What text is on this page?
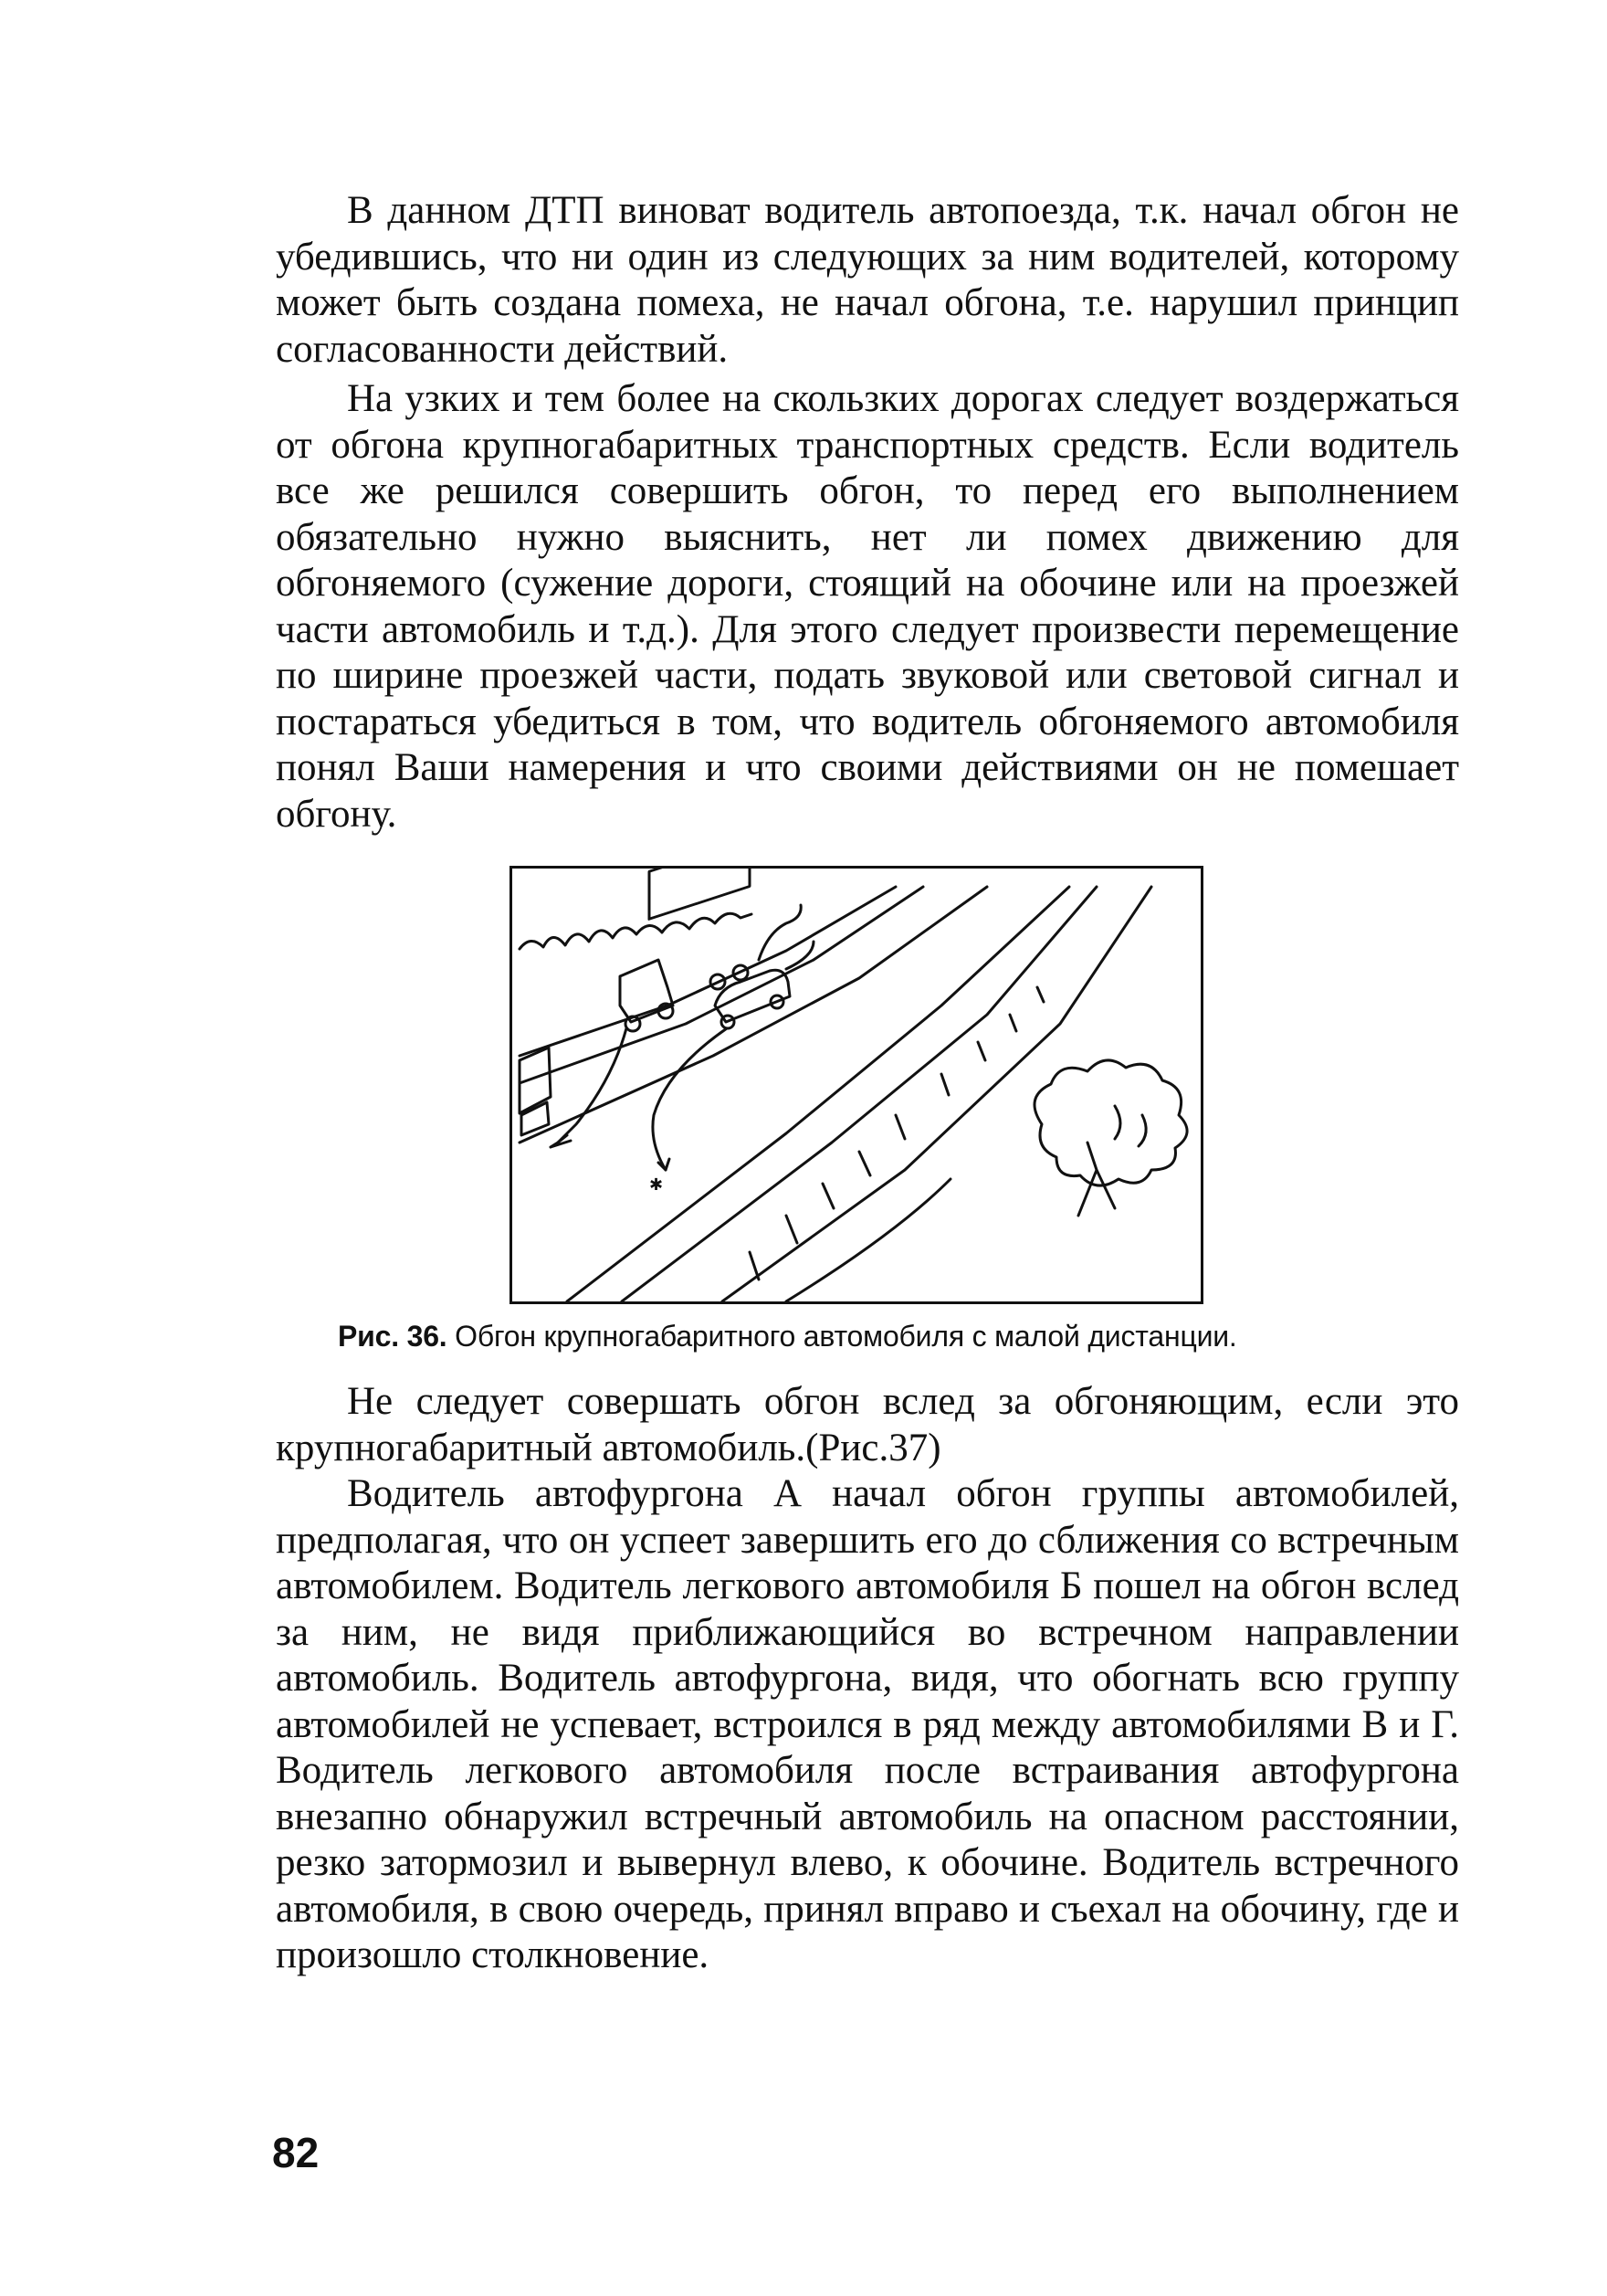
В данном ДТП виноват водитель автопоезда, т.к. начал обгон не убедившись, что ни один из следующих за ним водителей, которому может быть создана помеха, не начал обгона, т.е. нарушил принцип согласованности действий.

На узких и тем более на скользких дорогах следует воздержаться от обгона крупногабаритных транспортных средств. Если водитель все же решился совершить обгон, то перед его выполнением обязательно нужно выяснить, нет ли помех движению для обгоняемого (сужение дороги, стоящий на обочине или на проезжей части автомобиль и т.д.). Для этого следует произвести перемещение по ширине проезжей части, подать звуковой или световой сигнал и постараться убедиться в том, что водитель обгоняемого автомобиля понял Ваши намерения и что своими действиями он не помешает обгону.

✱

Рис. 36. Обгон крупногабаритного автомобиля с малой дистанции.

Не следует совершать обгон вслед за обгоняющим, если это крупногабаритный автомобиль.(Рис.37)

Водитель автофургона А начал обгон группы автомобилей, предполагая, что он успеет завершить его до сближения со встречным автомобилем. Водитель легкового автомобиля Б пошел на обгон вслед за ним, не видя приближающийся во встречном направлении автомобиль. Водитель автофургона, видя, что обогнать всю группу автомобилей не успевает, встроился в ряд между автомобилями В и Г. Водитель легкового автомобиля после встраивания автофургона внезапно обнаружил встречный автомобиль на опасном расстоянии, резко затормозил и вывернул влево, к обочине. Водитель встречного автомобиля, в свою очередь, принял вправо и съехал на обочину, где и произошло столкновение.

82
